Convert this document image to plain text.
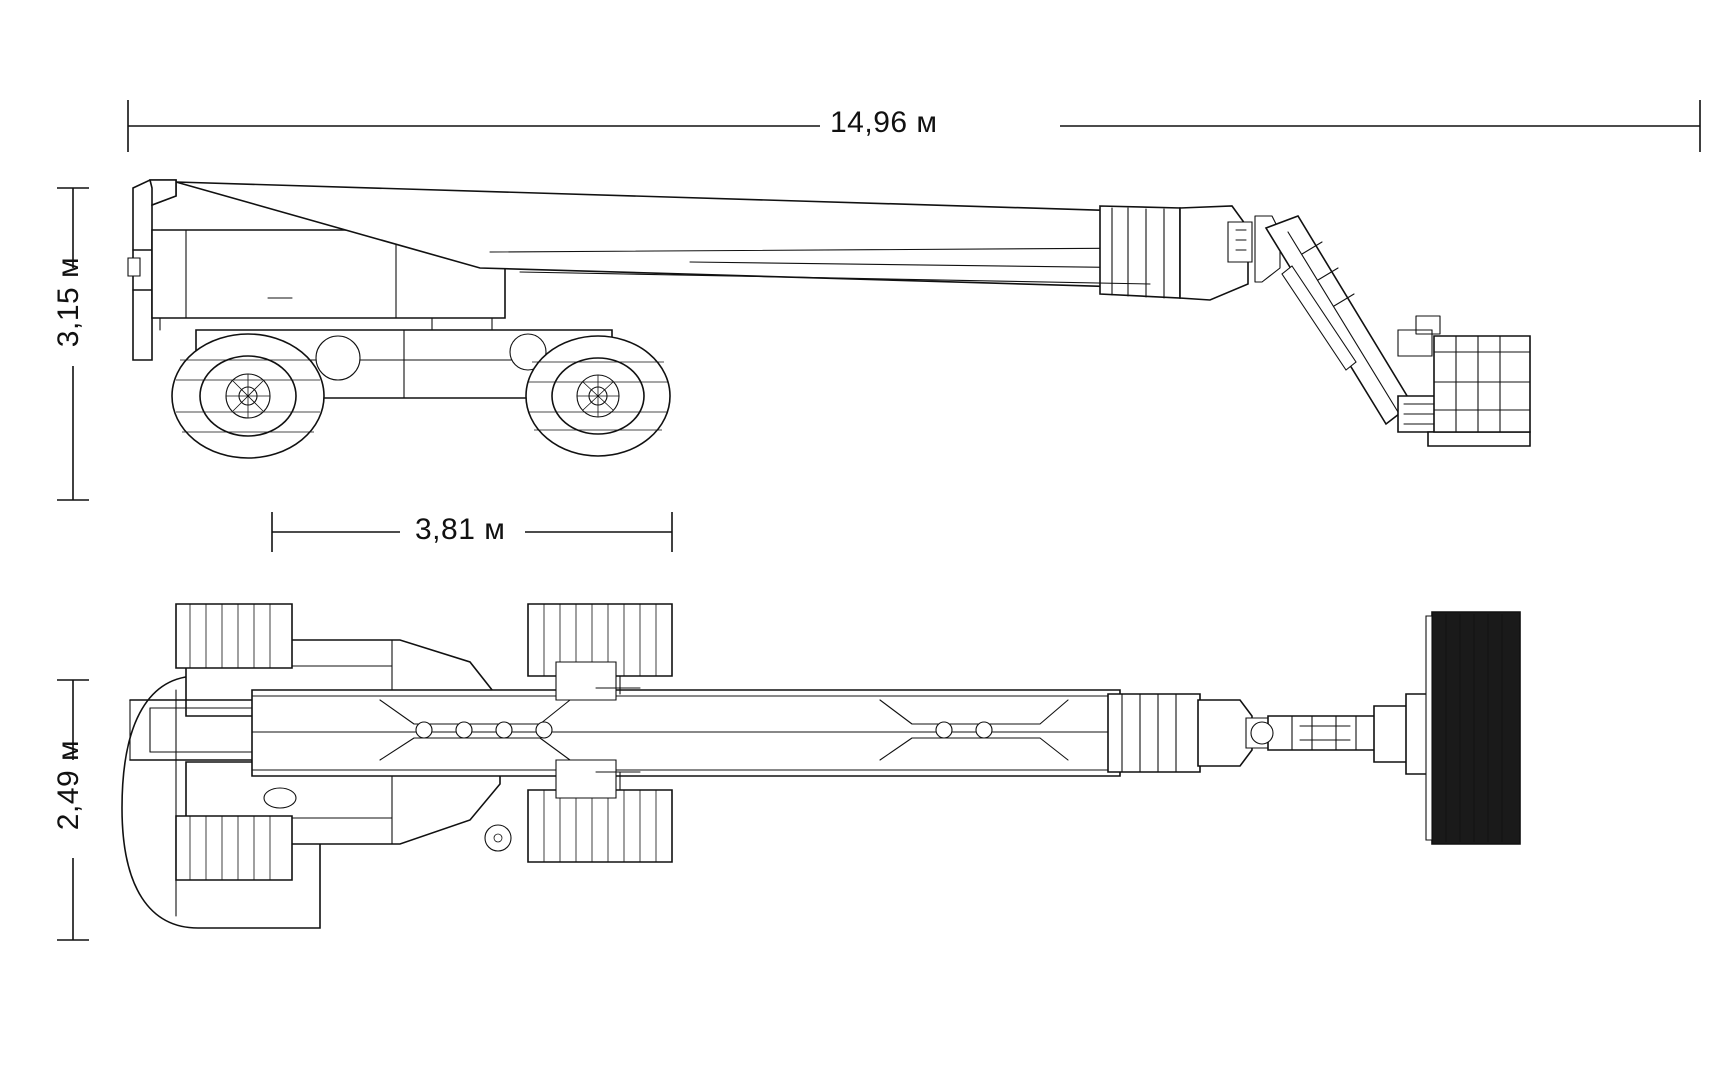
14,96 м
3,15 м
3,81 м
2,49 м
